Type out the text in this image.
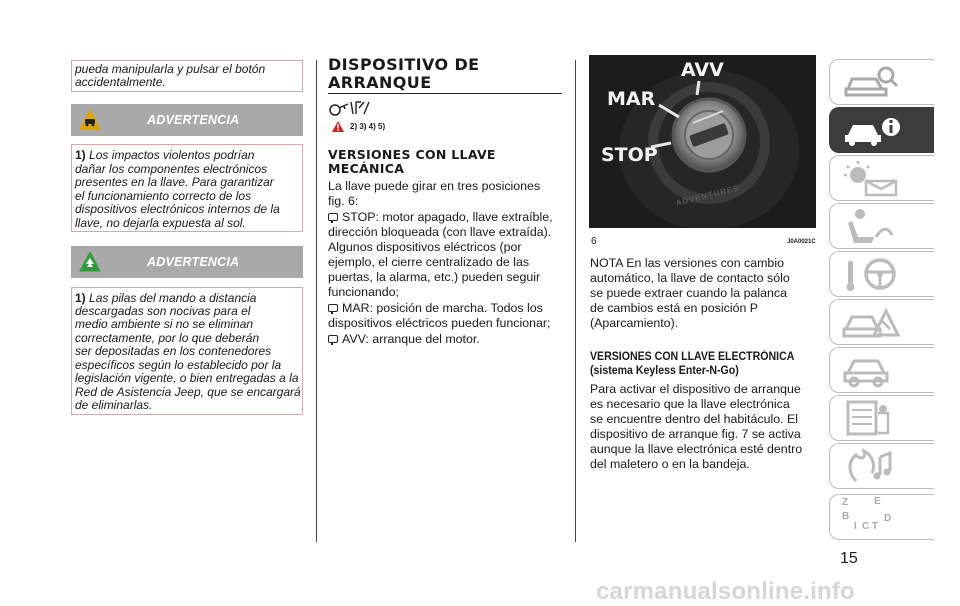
pueda manipularla y pulsar el botón
accidentalmente.
ADVERTENCIA
1) Los impactos violentos podrían
dañar los componentes electrónicos
presentes en la llave. Para garantizar
el funcionamiento correcto de los
dispositivos electrónicos internos de la
llave, no dejarla expuesta al sol.
ADVERTENCIA
1) Las pilas del mando a distancia
descargadas son nocivas para el
medio ambiente si no se eliminan
correctamente, por lo que deberán
ser depositadas en los contenedores
específicos según lo establecido por la
legislación vigente, o bien entregadas a la
Red de Asistencia Jeep, que se encargará
de eliminarlas.
DISPOSITIVO DE
ARRANQUE
2) 3) 4) 5)
VERSIONES CON LLAVE
MECÁNICA
La llave puede girar en tres posiciones
fig. 6:
STOP: motor apagado, llave extraíble,
dirección bloqueada (con llave extraída).
Algunos dispositivos eléctricos (por
ejemplo, el cierre centralizado de las
puertas, la alarma, etc.) pueden seguir
funcionando;
MAR: posición de marcha. Todos los
dispositivos eléctricos pueden funcionar;
AVV: arranque del motor.
AVV
MAR
STOP
ADVENTURES
6	J0A0021C
NOTA En las versiones con cambio
automático, la llave de contacto sólo
se puede extraer cuando la palanca
de cambios está en posición P
(Aparcamiento).
VERSIONES CON LLAVE ELECTRÓNICA
(sistema Keyless Enter-N-Go)
Para activar el dispositivo de arranque
es necesario que la llave electrónica
se encuentre dentro del habitáculo. El
dispositivo de arranque fig. 7 se activa
aunque la llave electrónica esté dentro
del maletero o en la bandeja.
Z	E
B
I C T
D
15
carmanualsonline.info
